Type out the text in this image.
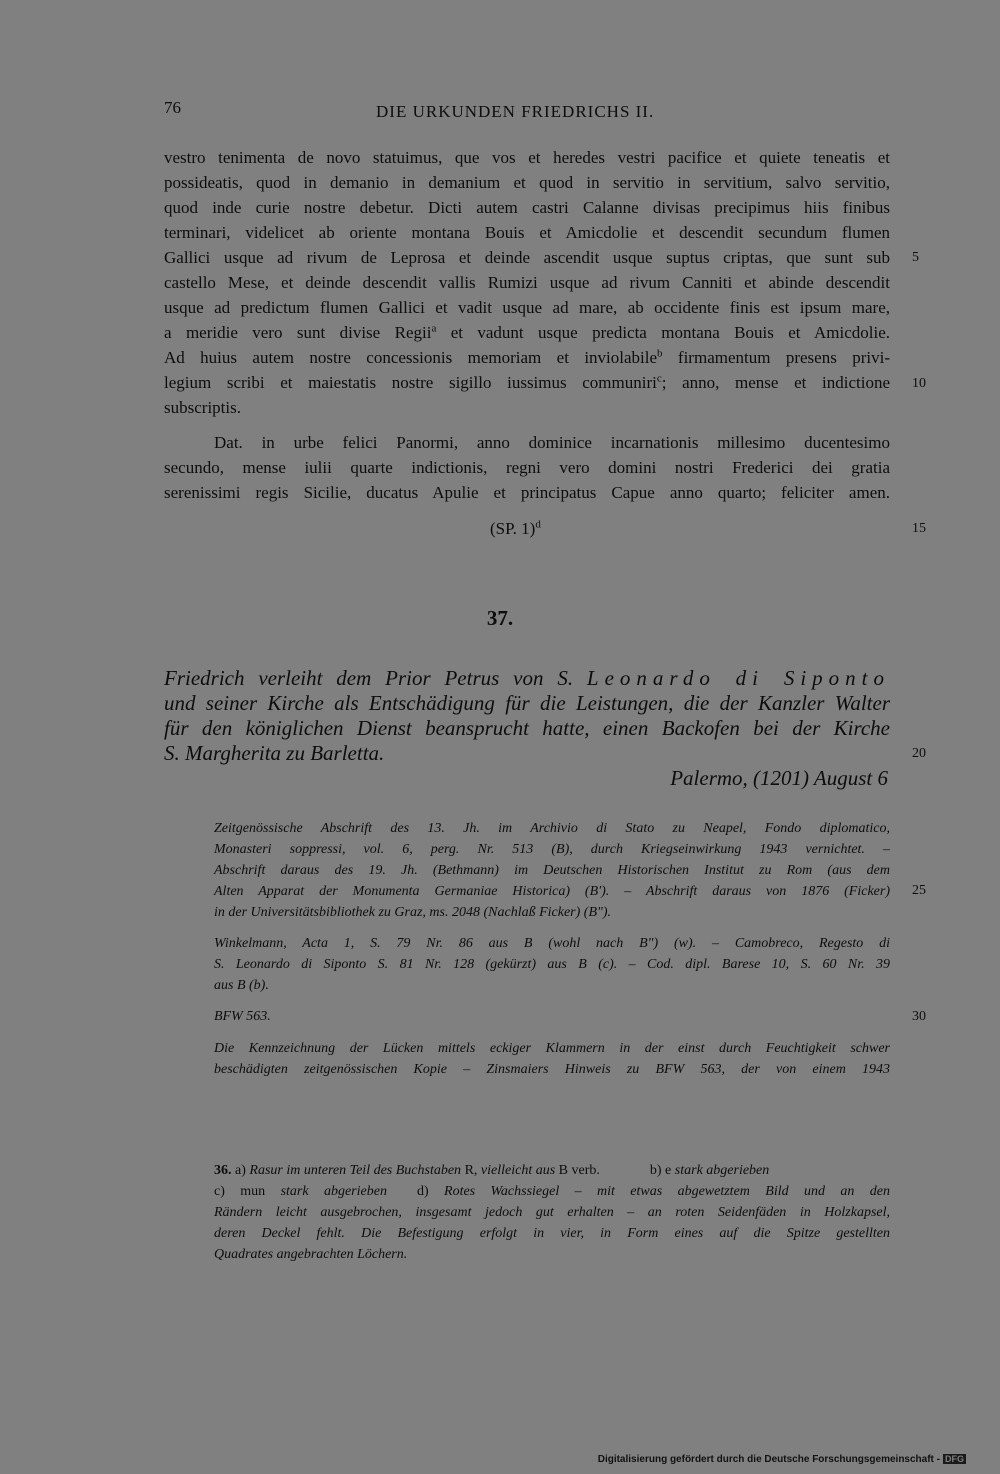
76	DIE URKUNDEN FRIEDRICHS II.
vestro tenimenta de novo statuimus, que vos et heredes vestri pacifice et quiete teneatis et
possideatis, quod in demanio in demanium et quod in servitio in servitium, salvo servitio,
quod inde curie nostre debetur. Dicti autem castri Calanne divisas precipimus hiis finibus
terminari, videlicet ab oriente montana Bouis et Amicdolie et descendit secundum flumen
Gallici usque ad rivum de Leprosa et deinde ascendit usque suptus criptas, que sunt sub 5
castello Mese, et deinde descendit vallis Rumizi usque ad rivum Canniti et abinde descendit
usque ad predictum flumen Gallici et vadit usque ad mare, ab occidente finis est ipsum mare,
a meridie vero sunt divise Regii$^a$ et vadunt usque predicta montana Bouis et Amicdolie.
Ad huius autem nostre concessionis memoriam et inviolabile$^b$ firmamentum presens privi-
legium scribi et maiestatis nostre sigillo iussimus communiri$^c$; anno, mense et indictione 10
subscriptis.
Dat. in urbe felici Panormi, anno dominice incarnationis millesimo ducentesimo
secundo, mense iulii quarte indictionis, regni vero domini nostri Frederici dei gratia
serenissimi regis Sicilie, ducatus Apulie et principatus Capue anno quarto; feliciter amen.
(SP. 1)$^d$	15
37.
Friedrich verleiht dem Prior Petrus von S. Leonardo di Siponto
und seiner Kirche als Entschädigung für die Leistungen, die der Kanzler Walter
für den königlichen Dienst beansprucht hatte, einen Backofen bei der Kirche
S. Margherita zu Barletta.	20
Palermo, (1201) August 6
Zeitgenössische Abschrift des 13. Jh. im Archivio di Stato zu Neapel, Fondo diplomatico,
Monasteri soppressi, vol. 6, perg. Nr. 513 (B), durch Kriegseinwirkung 1943 vernichtet. –
Abschrift daraus des 19. Jh. (Bethmann) im Deutschen Historischen Institut zu Rom (aus dem
Alten Apparat der Monumenta Germaniae Historica) (B'). – Abschrift daraus von 1876 (Ficker) 25
in der Universitätsbibliothek zu Graz, ms. 2048 (Nachlaß Ficker) (B").
Winkelmann, Acta 1, S. 79 Nr. 86 aus B (wohl nach B") (w). – Camobreco, Regesto di
S. Leonardo di Siponto S. 81 Nr. 128 (gekürzt) aus B (c). – Cod. dipl. Barese 10, S. 60 Nr. 39
aus B (b).
BFW 563.	30
Die Kennzeichnung der Lücken mittels eckiger Klammern in der einst durch Feuchtigkeit schwer
beschädigten zeitgenössischen Kopie – Zinsmaiers Hinweis zu BFW 563, der von einem 1943
36. a) Rasur im unteren Teil des Buchstaben R, vielleicht aus B verb.	b) e stark abgerieben
c) mun stark abgerieben d) Rotes Wachssiegel – mit etwas abgewetztem Bild und an den
Rändern leicht ausgebrochen, insgesamt jedoch gut erhalten – an roten Seidenfäden in Holzkapsel,
deren Deckel fehlt. Die Befestigung erfolgt in vier, in Form eines auf die Spitze gestellten
Quadrates angebrachten Löchern.
Digitalisierung gefördert durch die Deutsche Forschungsgemeinschaft - DFG
